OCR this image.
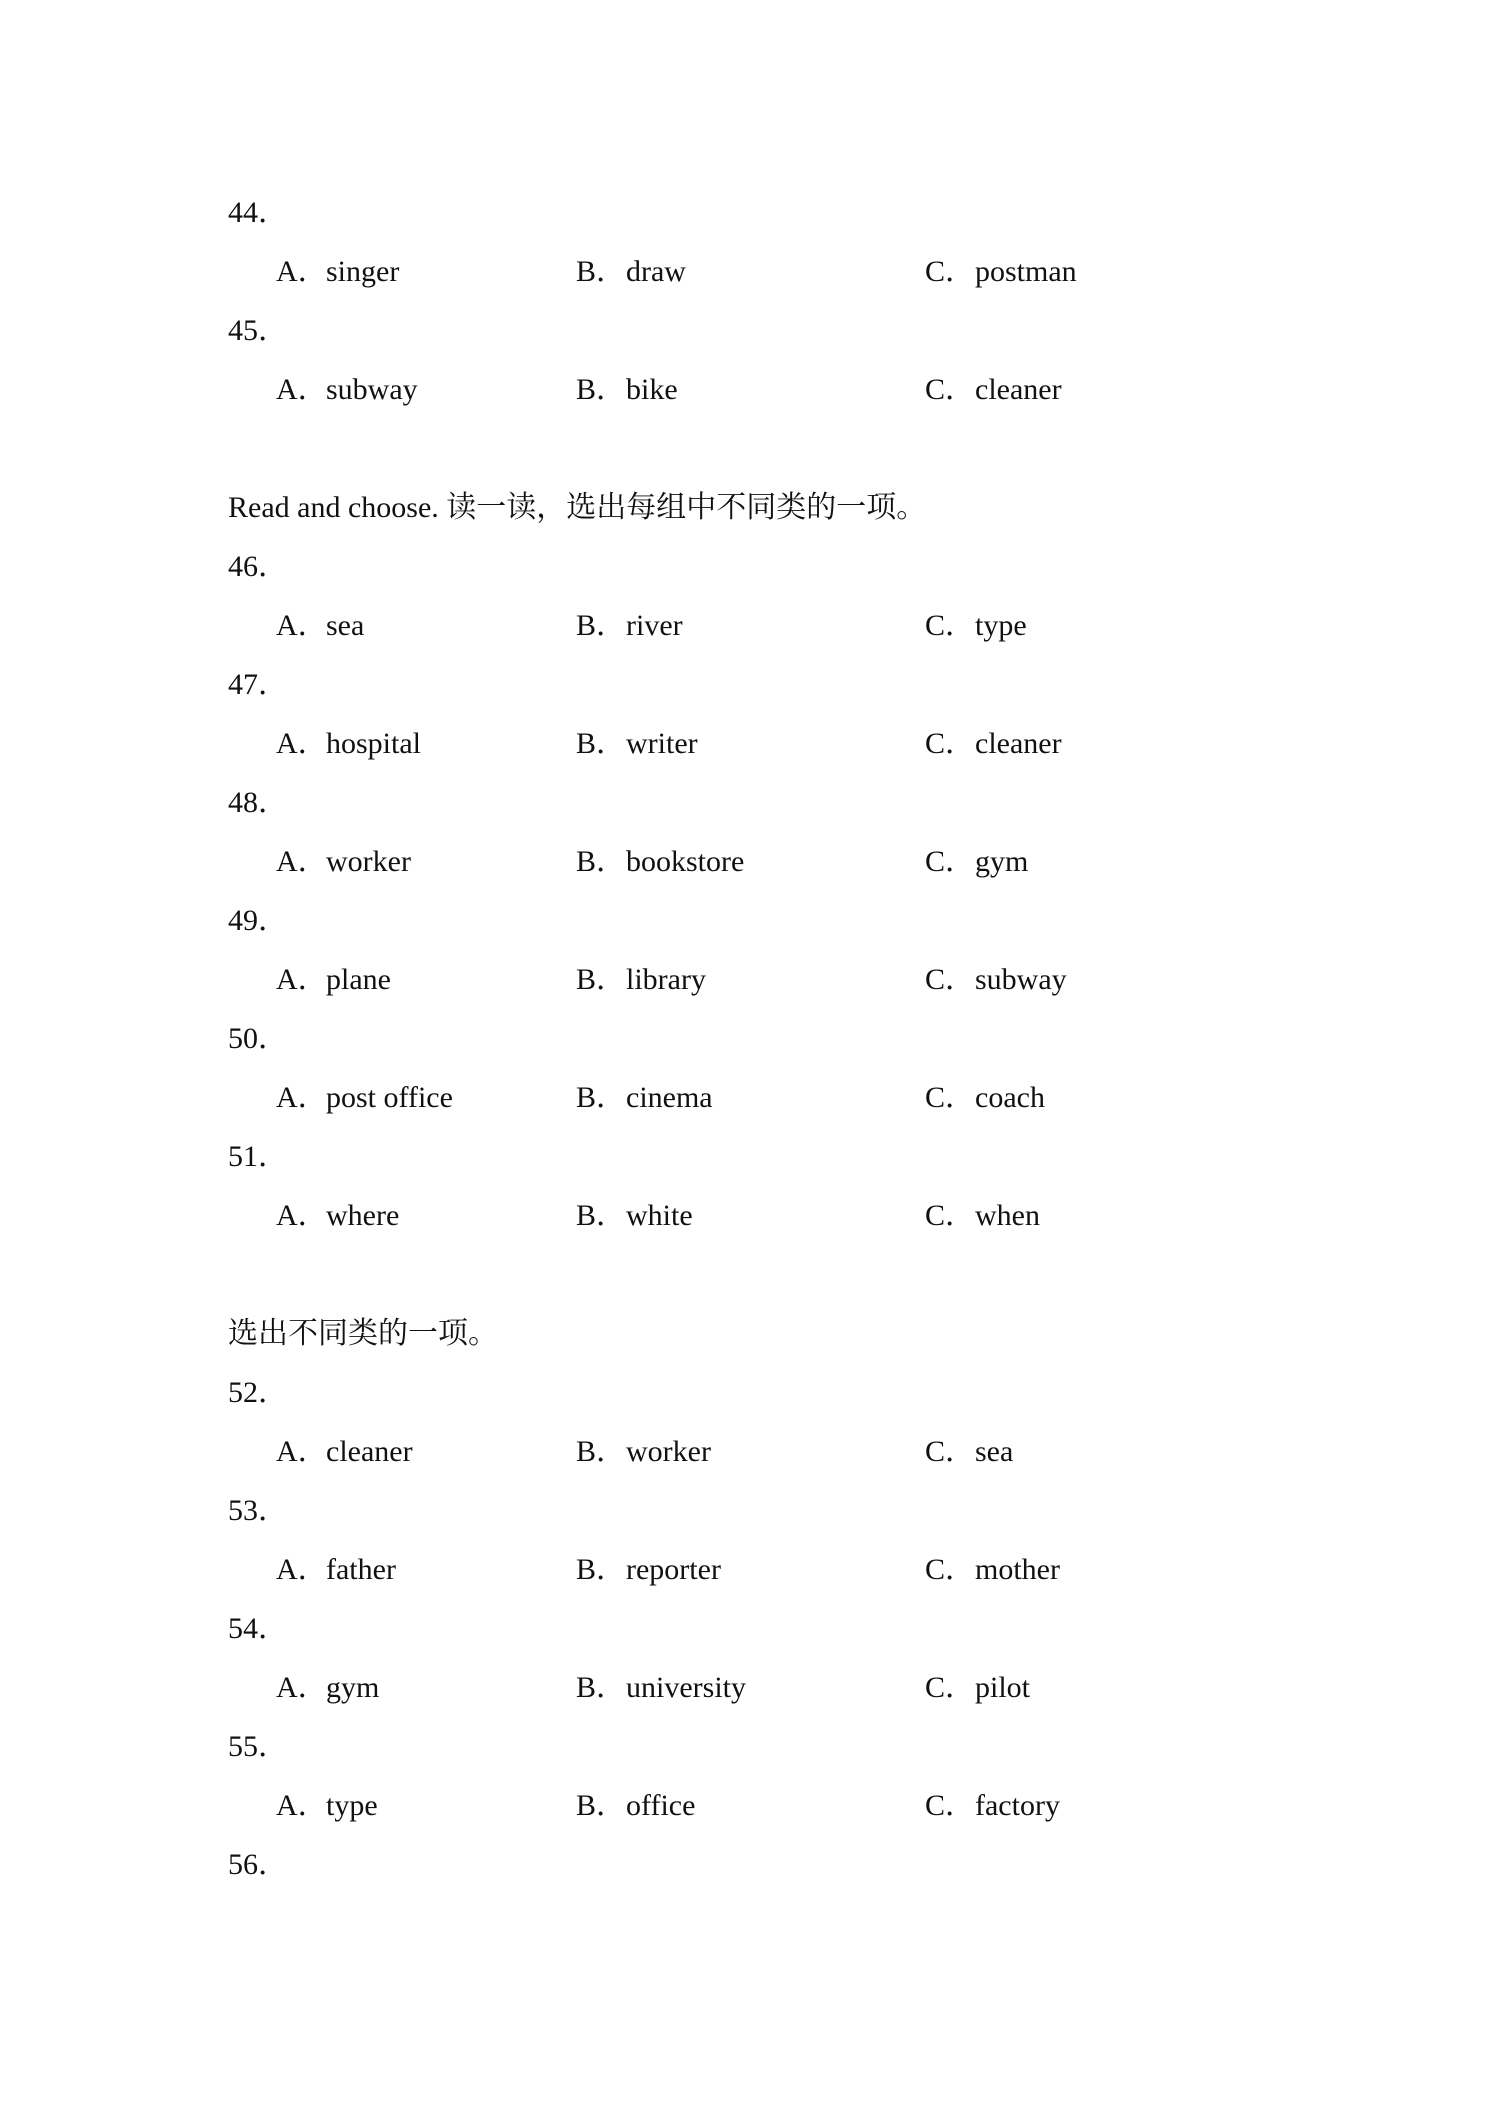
44．
A．singer	B．draw	C．postman
45．
A．subway	B．bike	C．cleaner
Read and choose. 读一读，选出每组中不同类的一项。
46．
A．sea	B．river	C．type
47．
A．hospital	B．writer	C．cleaner
48．
A．worker	B．bookstore	C．gym
49．
A．plane	B．library	C．subway
50．
A．post office	B．cinema	C．coach
51．
A．where	B．white	C．when
选出不同类的一项。
52．
A．cleaner	B．worker	C．sea
53．
A．father	B．reporter	C．mother
54．
A．gym	B．university	C．pilot
55．
A．type	B．office	C．factory
56．
